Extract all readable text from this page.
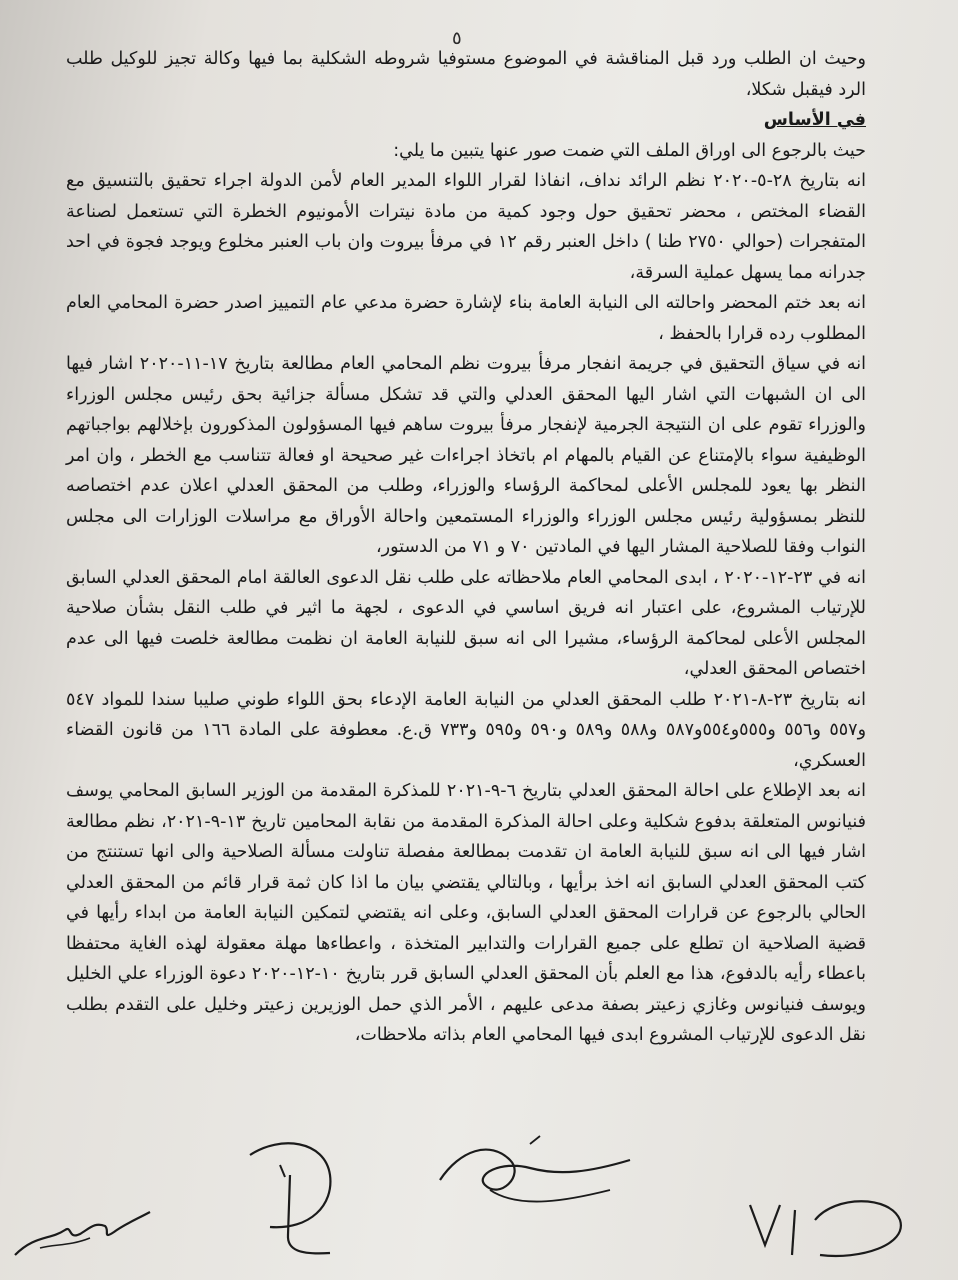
٥

وحيث ان الطلب ورد قبل المناقشة في الموضوع مستوفيا شروطه الشكلية بما فيها وكالة تجيز للوكيل طلب الرد فيقبل شكلا،

في الأساس

حيث بالرجوع الى اوراق الملف التي ضمت صور عنها يتبين ما يلي:

انه بتاريخ ٢٨-٥-٢٠٢٠ نظم الرائد نداف، انفاذا لقرار اللواء المدير العام لأمن الدولة اجراء تحقيق بالتنسيق مع القضاء المختص ، محضر تحقيق حول وجود كمية من مادة نيترات الأمونيوم الخطرة التي تستعمل لصناعة المتفجرات (حوالي ٢٧٥٠ طنا ) داخل العنبر رقم ١٢ في مرفأ بيروت وان باب العنبر مخلوع ويوجد فجوة في احد جدرانه مما يسهل عملية السرقة،

انه بعد ختم المحضر واحالته الى النيابة العامة بناء لإشارة حضرة مدعي عام التمييز اصدر حضرة المحامي العام المطلوب رده قرارا بالحفظ ،

انه في سياق التحقيق في جريمة انفجار مرفأ بيروت نظم المحامي العام مطالعة بتاريخ ١٧-١١-٢٠٢٠ اشار فيها الى ان الشبهات التي اشار اليها المحقق العدلي والتي قد تشكل مسألة جزائية بحق رئيس مجلس الوزراء والوزراء تقوم على ان النتيجة الجرمية لإنفجار مرفأ بيروت ساهم فيها المسؤولون المذكورون بإخلالهم بواجباتهم الوظيفية سواء بالإمتناع عن القيام بالمهام ام باتخاذ اجراءات غير صحيحة او فعالة تتناسب مع الخطر ، وان امر النظر بها يعود للمجلس الأعلى لمحاكمة الرؤساء والوزراء، وطلب من المحقق العدلي اعلان عدم اختصاصه للنظر بمسؤولية رئيس مجلس الوزراء والوزراء المستمعين واحالة الأوراق مع مراسلات الوزارات الى مجلس النواب وفقا للصلاحية المشار اليها في المادتين ٧٠ و ٧١ من الدستور،

انه في ٢٣-١٢-٢٠٢٠ ، ابدى المحامي العام ملاحظاته على طلب نقل الدعوى العالقة امام المحقق العدلي السابق للإرتياب المشروع، على اعتبار انه فريق اساسي في الدعوى ، لجهة ما اثير في طلب النقل بشأن صلاحية المجلس الأعلى لمحاكمة الرؤساء، مشيرا الى انه سبق للنيابة العامة ان نظمت مطالعة خلصت فيها الى عدم اختصاص المحقق العدلي،

انه بتاريخ ٢٣-٨-٢٠٢١ طلب المحقق العدلي من النيابة العامة الإدعاء بحق اللواء طوني صليبا سندا للمواد ٥٤٧ و٥٥٧ و٥٥٦ و٥٥٥و٥٥٤و٥٨٧ و٥٨٨ و٥٨٩ و٥٩٠ و٥٩٥ و٧٣٣ ق.ع. معطوفة على المادة ١٦٦ من قانون القضاء العسكري،

انه بعد الإطلاع على احالة المحقق العدلي بتاريخ ٦-٩-٢٠٢١ للمذكرة المقدمة من الوزير السابق المحامي يوسف فنيانوس المتعلقة بدفوع شكلية وعلى احالة المذكرة المقدمة من نقابة المحامين تاريخ ١٣-٩-٢٠٢١، نظم مطالعة اشار فيها الى انه سبق للنيابة العامة ان تقدمت بمطالعة مفصلة تناولت مسألة الصلاحية والى انها تستنتج من كتب المحقق العدلي السابق انه اخذ برأيها ، وبالتالي يقتضي بيان ما اذا كان ثمة قرار قائم من المحقق العدلي الحالي بالرجوع عن قرارات المحقق العدلي السابق، وعلى انه يقتضي لتمكين النيابة العامة من ابداء رأيها في قضية الصلاحية ان تطلع على جميع القرارات والتدابير المتخذة ، واعطاءها مهلة معقولة لهذه الغاية محتفظا باعطاء رأيه بالدفوع، هذا مع العلم بأن المحقق العدلي السابق قرر بتاريخ ١٠-١٢-٢٠٢٠ دعوة الوزراء علي الخليل ويوسف فنيانوس وغازي زعيتر بصفة مدعى عليهم ، الأمر الذي حمل الوزيرين زعيتر وخليل على التقدم بطلب نقل الدعوى للإرتياب المشروع ابدى فيها المحامي العام بذاته ملاحظات،
